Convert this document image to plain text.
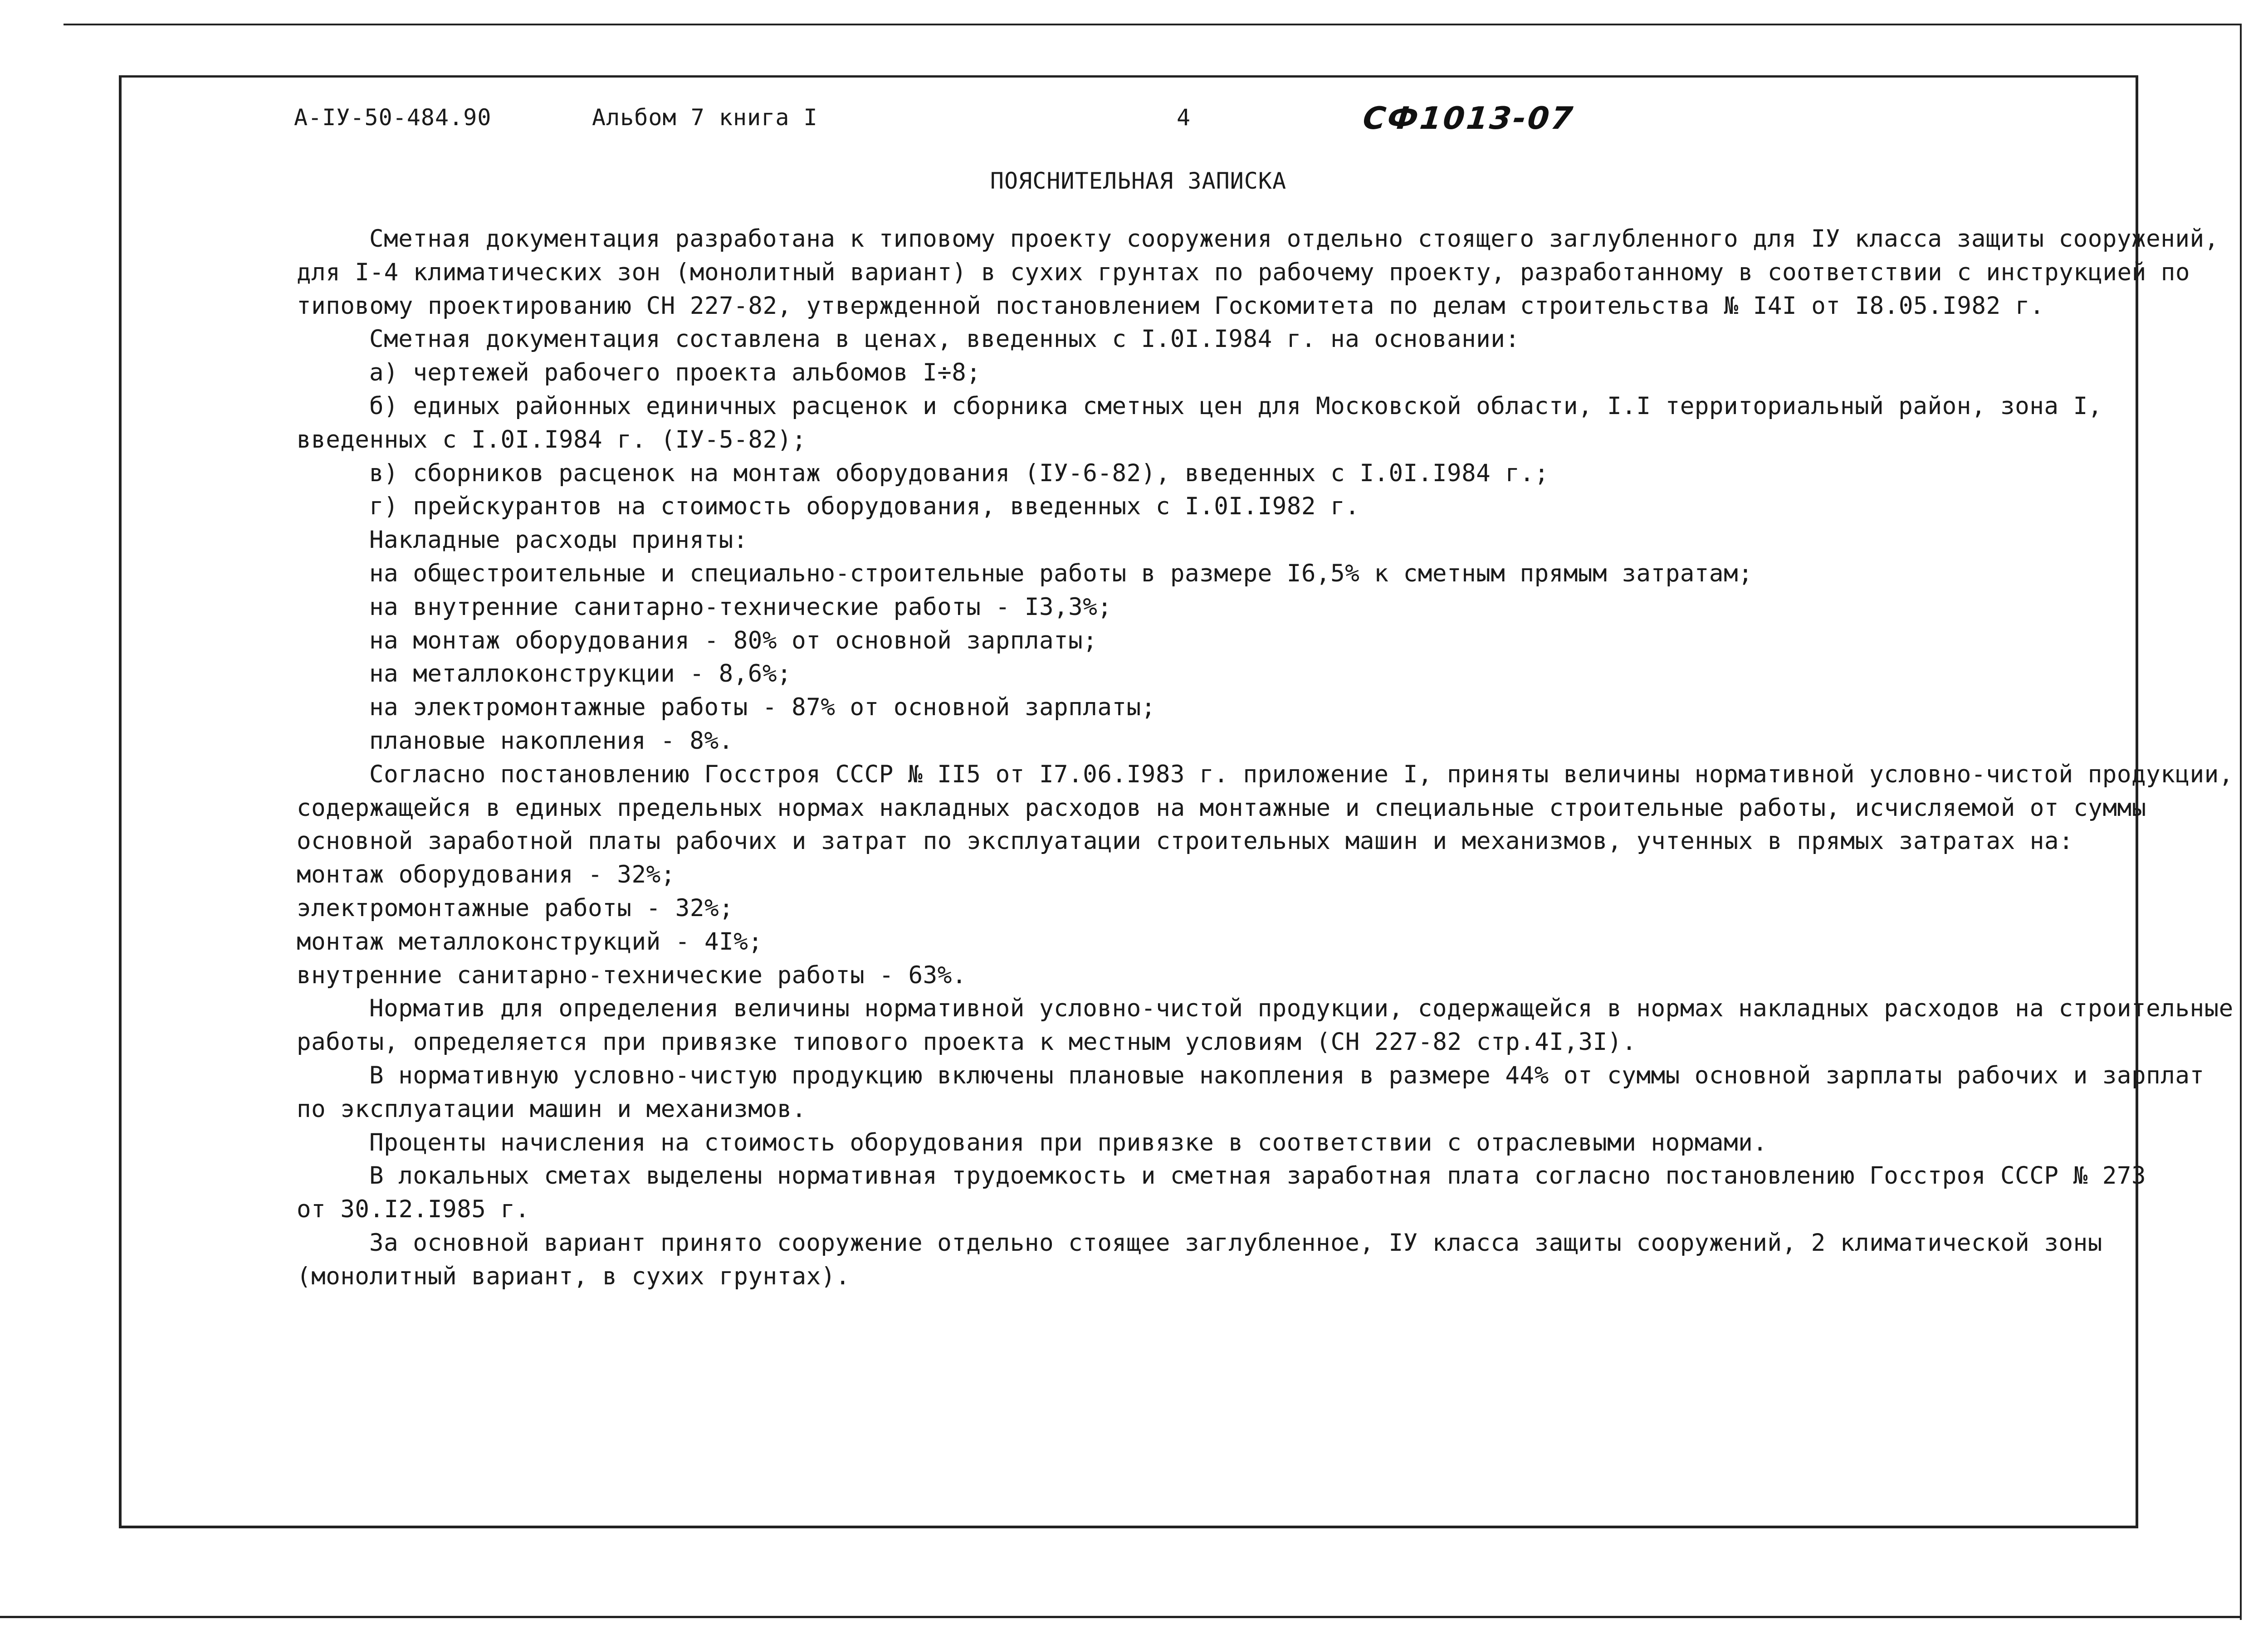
А-IУ-50-484.90	Альбом 7 книга I	4	СФ1013-07
ПОЯСНИТЕЛЬНАЯ ЗАПИСКА
Сметная документация разработана к типовому проекту сооружения отдельно стоящего заглубленного для IУ класса защиты сооружений,
для I-4 климатических зон (монолитный вариант) в сухих грунтах по рабочему проекту, разработанному в соответствии с инструкцией по
типовому проектированию СН 227-82, утвержденной постановлением Госкомитета по делам строительства № I4I от I8.05.I982 г.
Сметная документация составлена в ценах, введенных с I.0I.I984 г. на основании:
а) чертежей рабочего проекта альбомов I÷8;
б) единых районных единичных расценок и сборника сметных цен для Московской области, I.I территориальный район, зона I,
введенных с I.0I.I984 г. (IУ-5-82);
в) сборников расценок на монтаж оборудования (IУ-6-82), введенных с I.0I.I984 г.;
г) прейскурантов на стоимость оборудования, введенных с I.0I.I982 г.
Накладные расходы приняты:
на общестроительные и специально-строительные работы в размере I6,5% к сметным прямым затратам;
на внутренние санитарно-технические работы - I3,3%;
на монтаж оборудования - 80% от основной зарплаты;
на металлоконструкции - 8,6%;
на электромонтажные работы - 87% от основной зарплаты;
плановые накопления - 8%.
Согласно постановлению Госстроя СССР № II5 от I7.06.I983 г. приложение I, приняты величины нормативной условно-чистой продукции,
содержащейся в единых предельных нормах накладных расходов на монтажные и специальные строительные работы, исчисляемой от суммы
основной заработной платы рабочих и затрат по эксплуатации строительных машин и механизмов, учтенных в прямых затратах на:
монтаж оборудования - 32%;
электромонтажные работы - 32%;
монтаж металлоконструкций - 4I%;
внутренние санитарно-технические работы - 63%.
Норматив для определения величины нормативной условно-чистой продукции, содержащейся в нормах накладных расходов на строительные
работы, определяется при привязке типового проекта к местным условиям (СН 227-82 стр.4I,3I).
В нормативную условно-чистую продукцию включены плановые накопления в размере 44% от суммы основной зарплаты рабочих и зарплат
по эксплуатации машин и механизмов.
Проценты начисления на стоимость оборудования при привязке в соответствии с отраслевыми нормами.
В локальных сметах выделены нормативная трудоемкость и сметная заработная плата согласно постановлению Госстроя СССР № 273
от 30.I2.I985 г.
За основной вариант принято сооружение отдельно стоящее заглубленное, IУ класса защиты сооружений, 2 климатической зоны
(монолитный вариант, в сухих грунтах).
